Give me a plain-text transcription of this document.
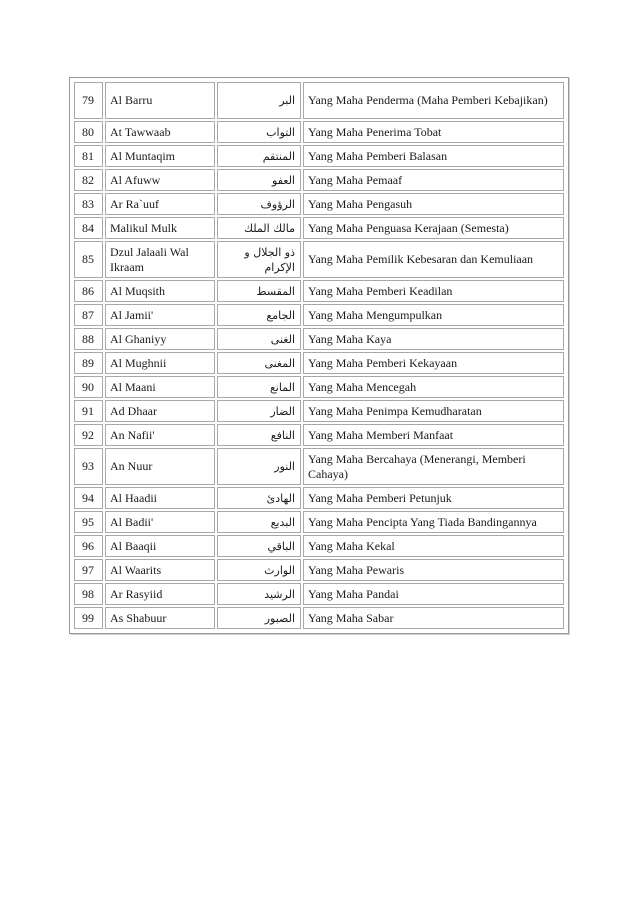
79	Al Barru	البر	Yang Maha Penderma (Maha Pemberi Kebajikan)
80	At Tawwaab	التواب	Yang Maha Penerima Tobat
81	Al Muntaqim	المنتقم	Yang Maha Pemberi Balasan
82	Al Afuww	العفو	Yang Maha Pemaaf
83	Ar Ra`uuf	الرؤوف	Yang Maha Pengasuh
84	Malikul Mulk	مالك الملك	Yang Maha Penguasa Kerajaan (Semesta)
85	Dzul Jalaali Wal Ikraam	ذو الجلال و الإكرام	Yang Maha Pemilik Kebesaran dan Kemuliaan
86	Al Muqsith	المقسط	Yang Maha Pemberi Keadilan
87	Al Jamii'	الجامع	Yang Maha Mengumpulkan
88	Al Ghaniyy	الغنى	Yang Maha Kaya
89	Al Mughnii	المغنى	Yang Maha Pemberi Kekayaan
90	Al Maani	المانع	Yang Maha Mencegah
91	Ad Dhaar	الضار	Yang Maha Penimpa Kemudharatan
92	An Nafii'	النافع	Yang Maha Memberi Manfaat
93	An Nuur	النور	Yang Maha Bercahaya (Menerangi, Memberi Cahaya)
94	Al Haadii	الهادئ	Yang Maha Pemberi Petunjuk
95	Al Badii'	البديع	Yang Maha Pencipta Yang Tiada Bandingannya
96	Al Baaqii	الباقي	Yang Maha Kekal
97	Al Waarits	الوارث	Yang Maha Pewaris
98	Ar Rasyiid	الرشيد	Yang Maha Pandai
99	As Shabuur	الصبور	Yang Maha Sabar
